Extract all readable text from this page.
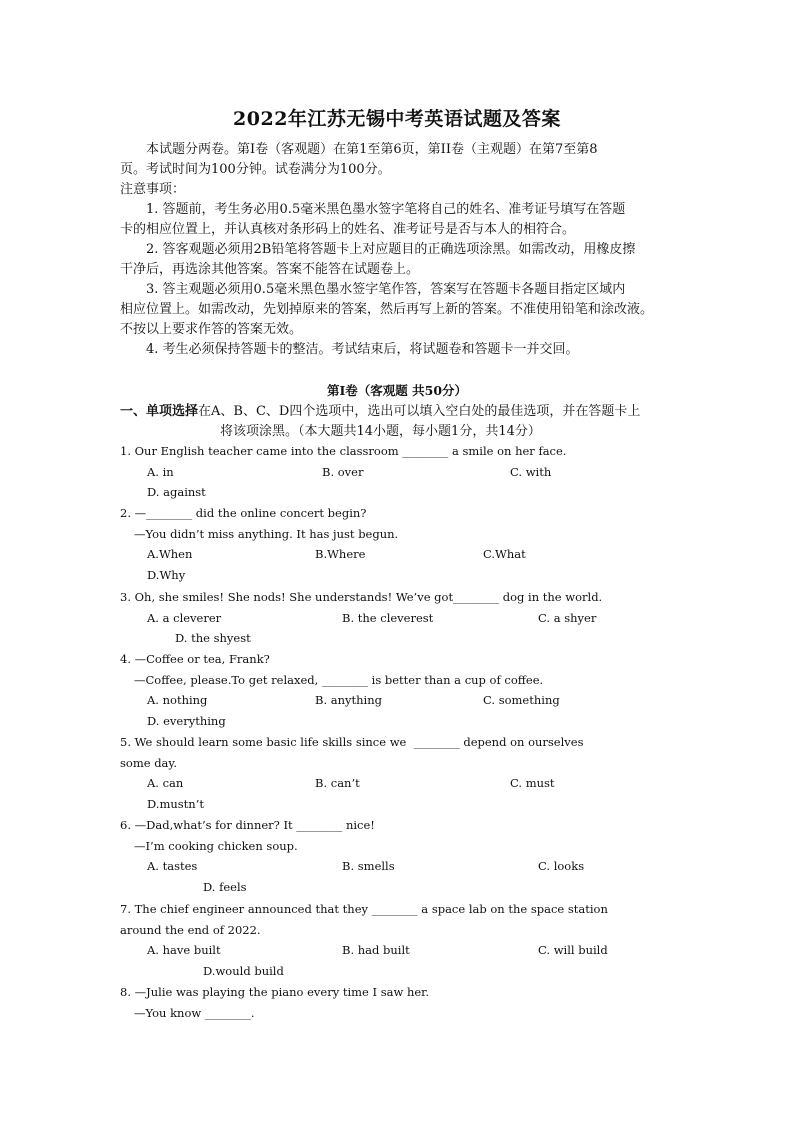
2022年江苏无锡中考英语试题及答案

本试题分两卷。第I卷（客观题）在第1至第6页，第II卷（主观题）在第7至第8

页。考试时间为100分钟。试卷满分为100分。

注意事项：

1. 答题前，考生务必用0.5毫米黑色墨水签字笔将自己的姓名、准考证号填写在答题

卡的相应位置上，并认真核对条形码上的姓名、准考证号是否与本人的相符合。

2. 答客观题必须用2B铅笔将答题卡上对应题目的正确选项涂黑。如需改动，用橡皮擦

干净后，再选涂其他答案。答案不能答在试题卷上。

3. 答主观题必须用0.5毫米黑色墨水签字笔作答，答案写在答题卡各题目指定区域内

相应位置上。如需改动，先划掉原来的答案，然后再写上新的答案。不准使用铅笔和涂改液。

不按以上要求作答的答案无效。

4. 考生必须保持答题卡的整洁。考试结束后，将试题卷和答题卡一并交回。

第Ⅰ卷（客观题 共50分）
一、单项选择在A、B、C、D四个选项中，选出可以填入空白处的最佳选项，并在答题卡上
将该项涂黑。（本大题共14小题，每小题1分，共14分）
1. Our English teacher came into the classroom ________ a smile on her face.
A. in	B. over	C. with
D. against
2. —________ did the online concert begin?
—You didn’t miss anything. It has just begun.
A.When	B.Where	C.What
D.Why
3. Oh, she smiles! She nods! She understands! We’ve got________ dog in the world.
A. a cleverer	B. the cleverest	C. a shyer
D. the shyest
4. —Coffee or tea, Frank?
—Coffee, please.To get relaxed, ________ is better than a cup of coffee.
A. nothing	B. anything	C. something
D. everything
5. We should learn some basic life skills since we  ________ depend on ourselves
some day.
A. can	B. can’t	C. must
D.mustn’t
6. —Dad,what’s for dinner? It ________ nice!
—I’m cooking chicken soup.
A. tastes	B. smells	C. looks
D. feels
7. The chief engineer announced that they ________ a space lab on the space station
around the end of 2022.
A. have built	B. had built	C. will build
D.would build
8. —Julie was playing the piano every time I saw her.
—You know ________.
